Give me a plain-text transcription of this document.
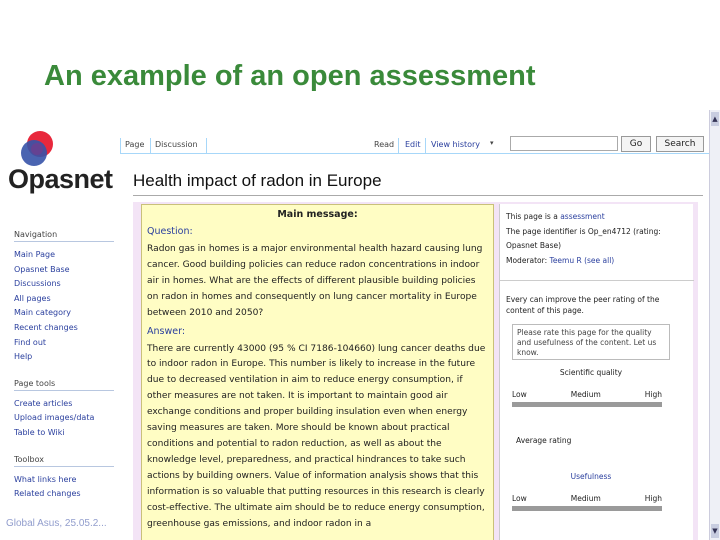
An example of an open assessment
Opasnet
Navigation
Main Page
Opasnet Base
Discussions
All pages
Main category
Recent changes
Find out
Help
Page tools
Create articles
Upload images/data
Table to Wiki
Toolbox
What links here
Related changes
Page Discussion	Read Edit View history ▾	Go	Search
Health impact of radon in Europe
Main message:
Question:
Radon gas in homes is a major environmental health hazard causing lung cancer. Good building policies can reduce radon concentrations in indoor air in homes. What are the effects of different plausible building policies on radon in homes and consequently on lung cancer mortality in Europe between 2010 and 2050?
Answer:
There are currently 43000 (95 % CI 7186-104660) lung cancer deaths due to indoor radon in Europe. This number is likely to increase in the future due to decreased ventilation in aim to reduce energy consumption, if other measures are not taken. It is important to maintain good air exchange conditions and proper building insulation even when energy saving measures are taken. More should be known about practical conditions and potential to radon reduction, as well as about the knowledge level, preparedness, and practical hindrances to take such actions by building owners. Value of information analysis shows that this information is so valuable that putting resources in this research is clearly cost-effective. The ultimate aim should be to reduce energy consumption, greenhouse gas emissions, and indoor radon in a
This page is a assessment
The page identifier is Op_en4712 (rating:
Opasnet Base)
Moderator: Teemu R (see all)
Every can improve the peer rating of the content of this page.
Please rate this page for the quality and usefulness of the content. Let us know.
Scientific quality
Low	Medium	High
Average rating
Usefulness
Low	Medium	High
▲
▼
Global Asus, 25.05.2...
